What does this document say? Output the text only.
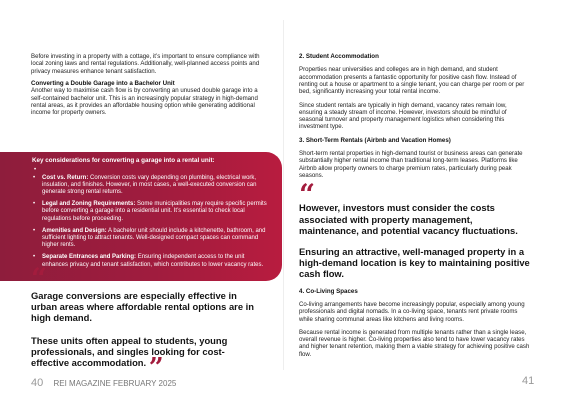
Before investing in a property with a cottage, it’s important to ensure compliance with local zoning laws and rental regulations. Additionally, well-planned access points and privacy measures enhance tenant satisfaction.

Converting a Double Garage into a Bachelor Unit

Another way to maximise cash flow is by converting an unused double garage into a self-contained bachelor unit. This is an increasingly popular strategy in high-demand rental areas, as it provides an affordable housing option while generating additional income for property owners.

Key considerations for converting a garage into a rental unit:
•
• Cost vs. Return: Conversion costs vary depending on plumbing, electrical work, insulation, and finishes. However, in most cases, a well-executed conversion can generate strong rental returns.
• Legal and Zoning Requirements: Some municipalities may require specific permits before converting a garage into a residential unit. It’s essential to check local regulations before proceeding.
• Amenities and Design: A bachelor unit should include a kitchenette, bathroom, and sufficient lighting to attract tenants. Well-designed compact spaces can command higher rents.
• Separate Entrances and Parking: Ensuring independent access to the unit enhances privacy and tenant satisfaction, which contributes to lower vacancy rates.
“

Garage conversions are especially effective in urban areas where affordable rental options are in high demand.

These units often appeal to students, young professionals, and singles looking for cost-effective accommodation. ”

2. Student Accommodation

Properties near universities and colleges are in high demand, and student accommodation presents a fantastic opportunity for positive cash flow. Instead of renting out a house or apartment to a single tenant, you can charge per room or per bed, significantly increasing your total rental income.

Since student rentals are typically in high demand, vacancy rates remain low, ensuring a steady stream of income. However, investors should be mindful of seasonal turnover and property management logistics when considering this investment type.

3. Short-Term Rentals (Airbnb and Vacation Homes)

Short-term rental properties in high-demand tourist or business areas can generate substantially higher rental income than traditional long-term leases. Platforms like Airbnb allow property owners to charge premium rates, particularly during peak seasons.

“

However, investors must consider the costs associated with property management, maintenance, and potential vacancy fluctuations.

Ensuring an attractive, well-managed property in a high-demand location is key to maintaining positive cash flow.

4. Co-Living Spaces

Co-living arrangements have become increasingly popular, especially among young professionals and digital nomads. In a co-living space, tenants rent private rooms while sharing communal areas like kitchens and living rooms.

Because rental income is generated from multiple tenants rather than a single lease, overall revenue is higher. Co-living properties also tend to have lower vacancy rates and higher tenant retention, making them a viable strategy for achieving positive cash flow.

40 REI MAGAZINE FEBRUARY 2025	41
